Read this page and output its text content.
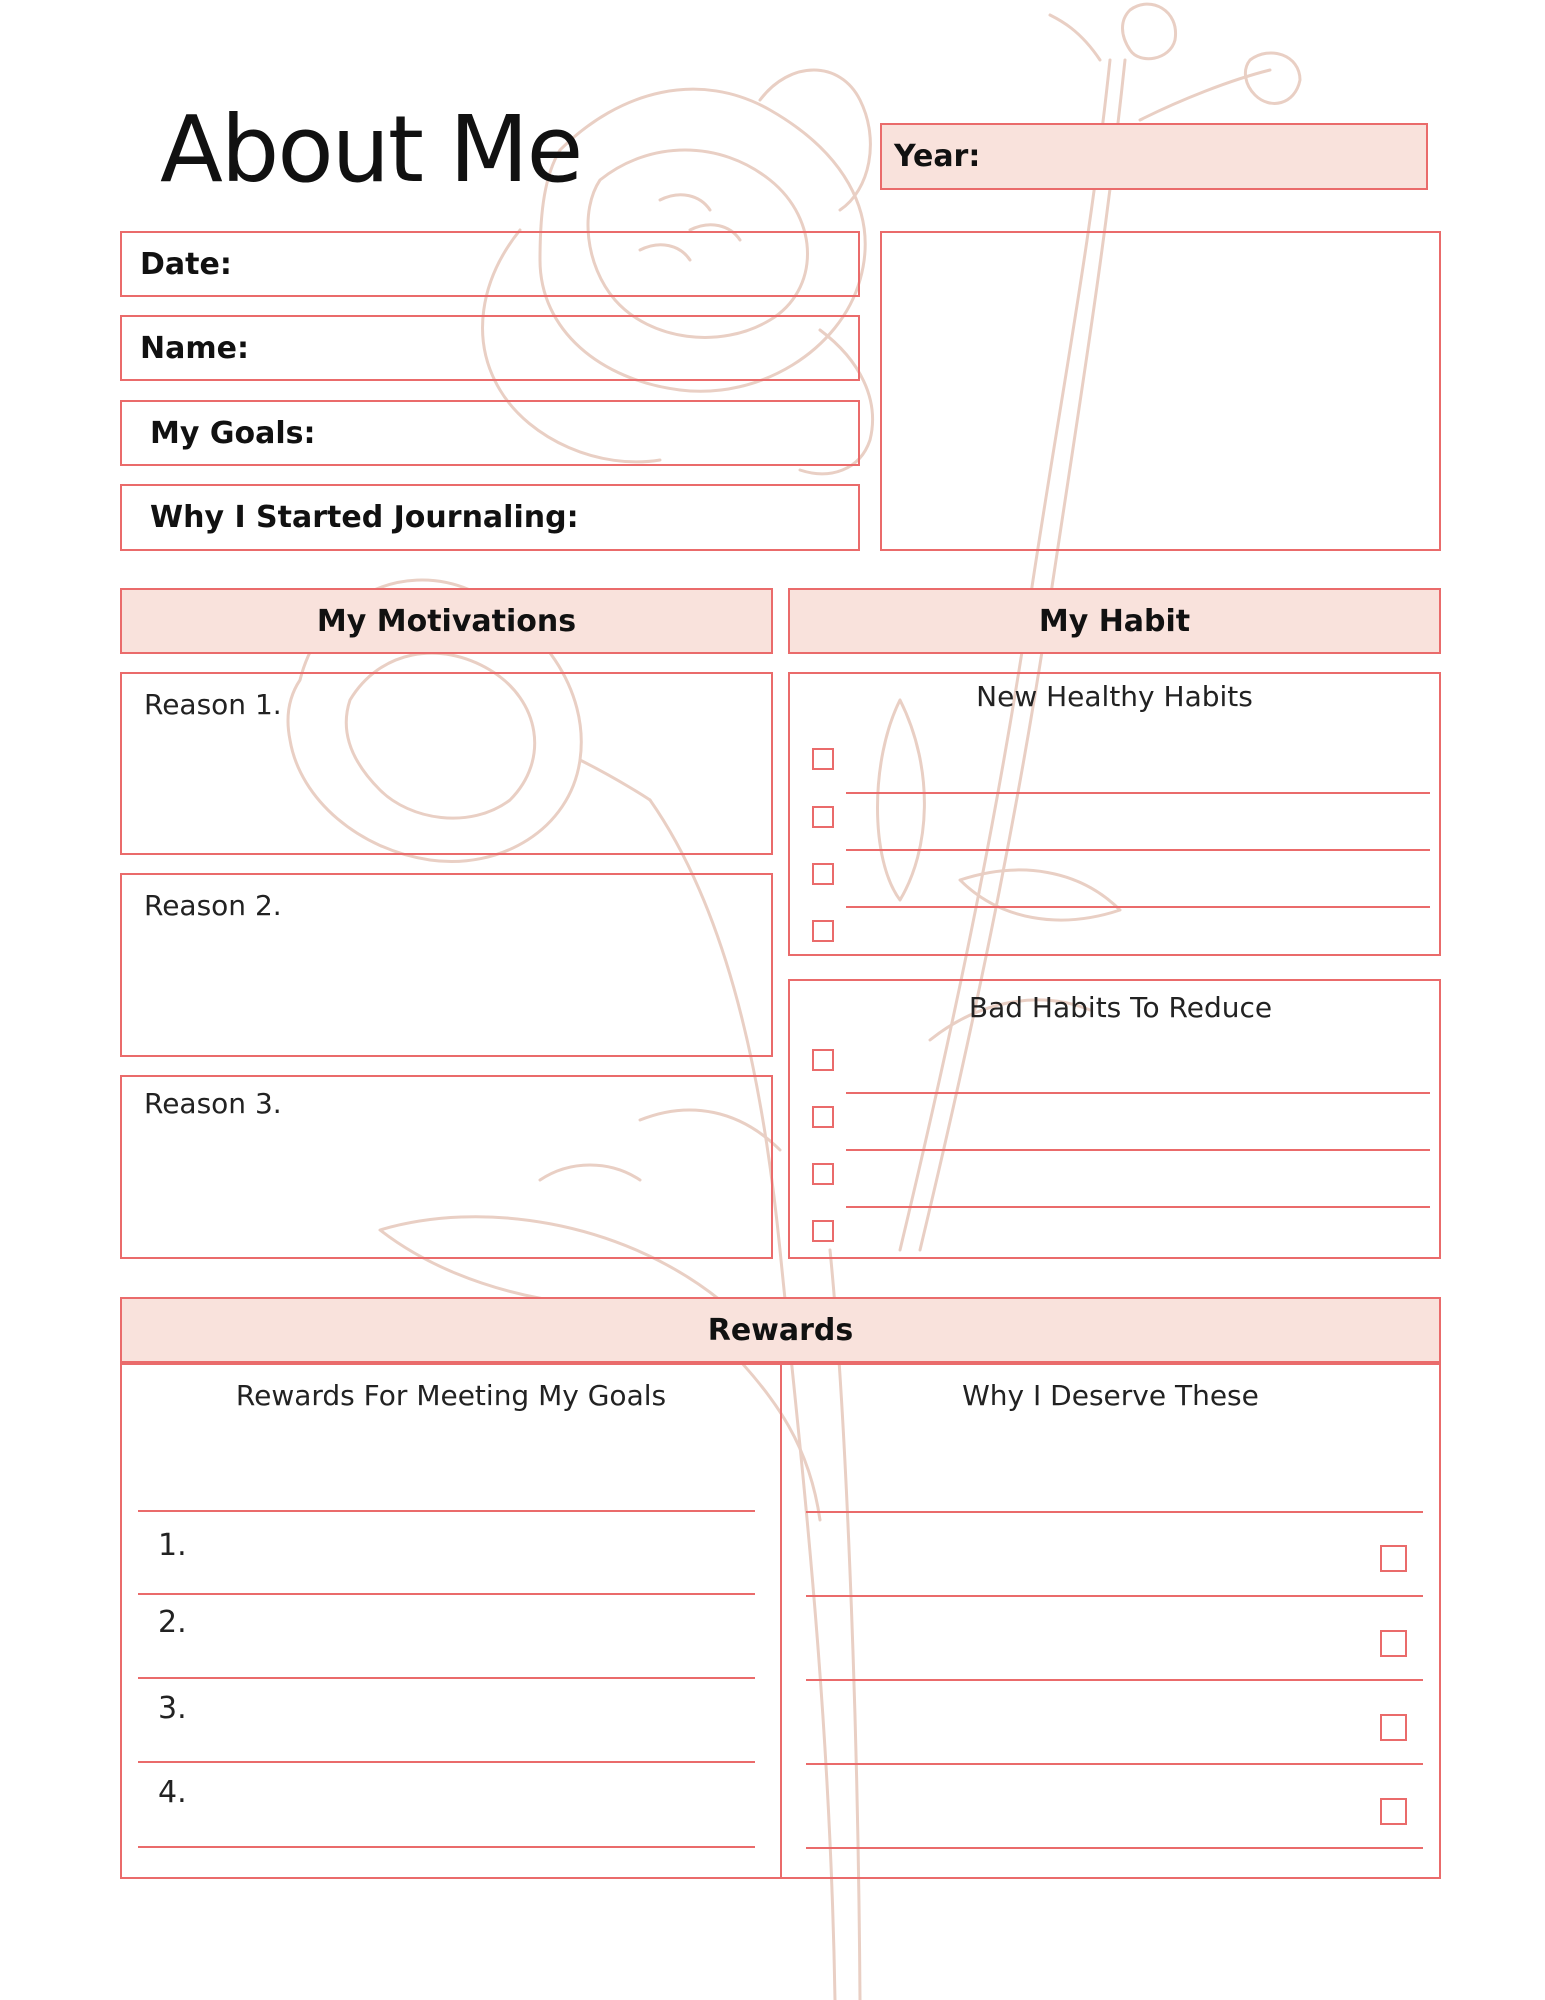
About Me	Year:
Date:
Name:
My Goals:
Why I Started Journaling:
My Motivations
Reason 1.
Reason 2.
Reason 3.
My Habit
New Healthy Habits
Bad Habits To Reduce
Rewards
Rewards For Meeting My Goals
1.
2.
3.
4.
Why I Deserve These
